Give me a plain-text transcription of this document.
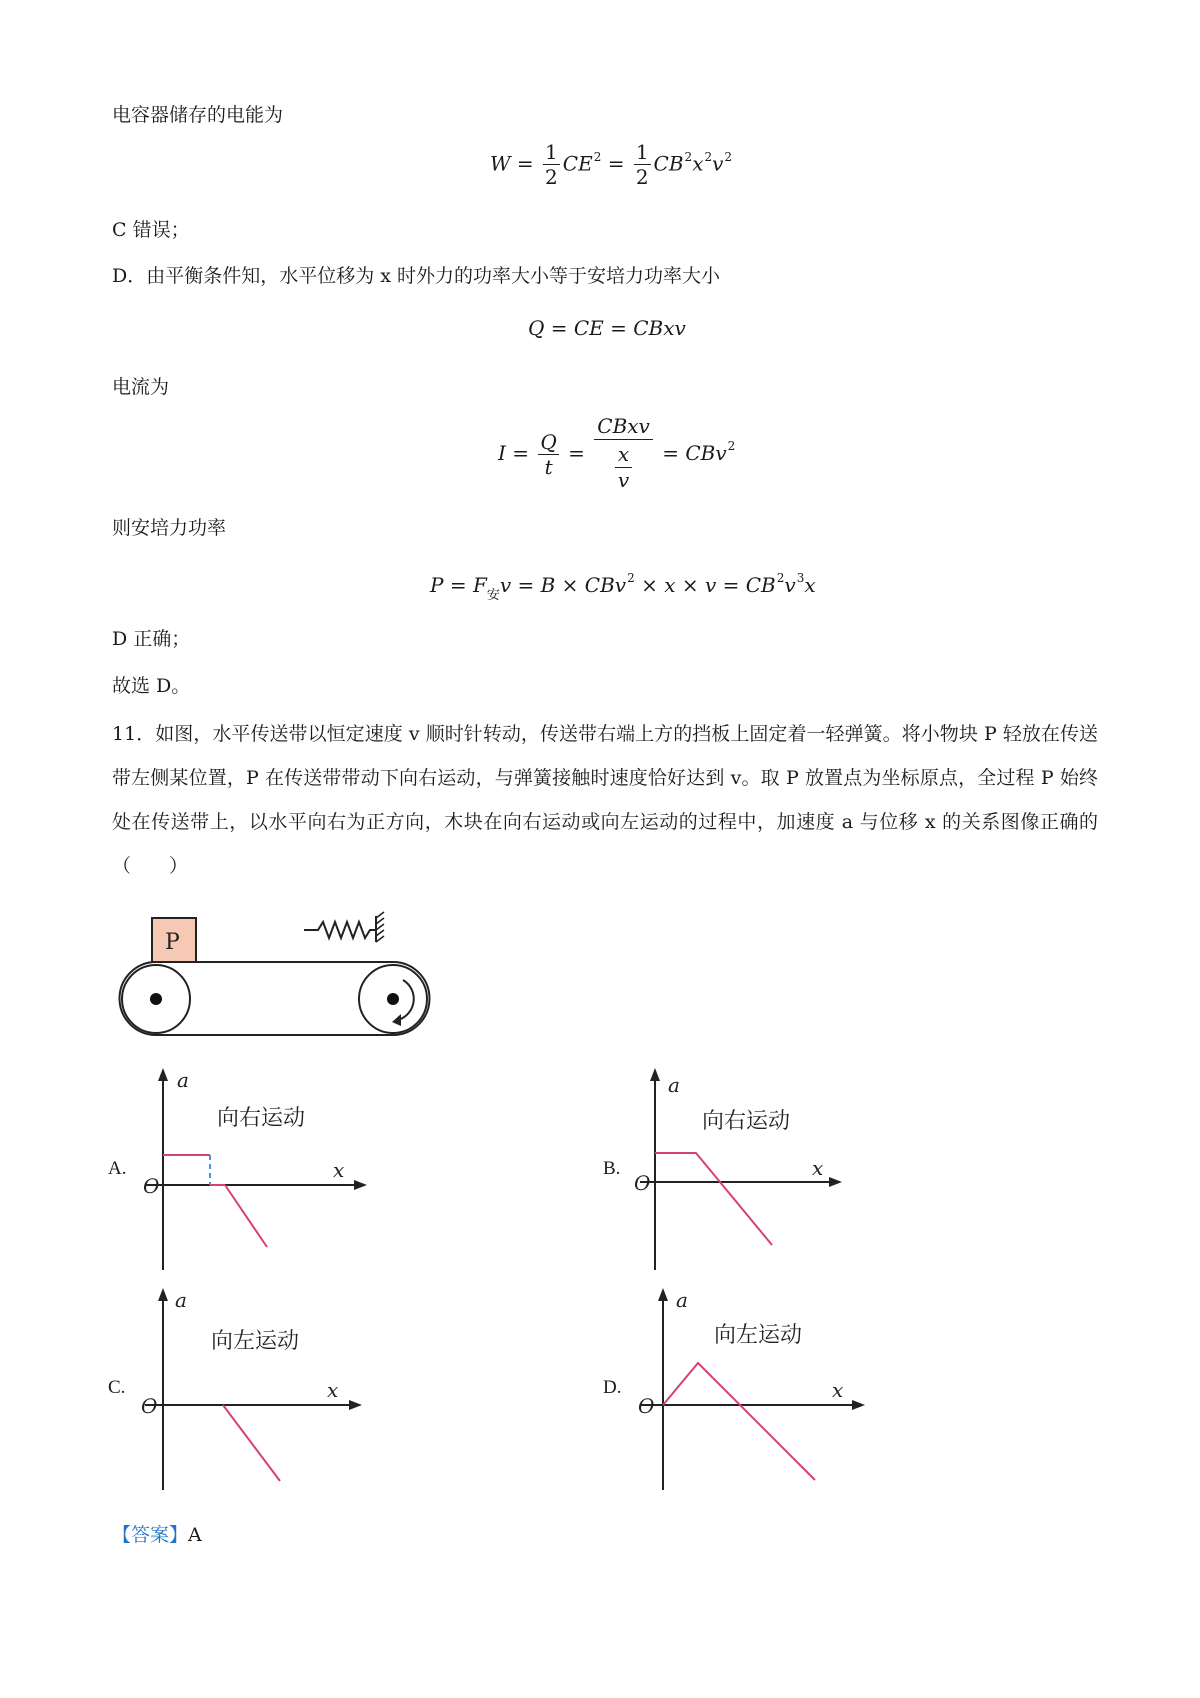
电容器储存的电能为
$W = \frac{1}{2} CE^2 = \frac{1}{2} CB^2x^2v^2$
C 错误；
D．由平衡条件知，水平位移为 x 时外力的功率大小等于安培力功率大小
Q = CE = CBxv
电流为
$I = \frac{Q}{t} = \frac{\text{CBxv}}{\frac{x}{v}} = CBv^2$
则安培力功率
$P = F_安v = B \times CBv^2 \times x \times v = CB^2v^3x$
D 正确；
故选 D。
11．如图，水平传送带以恒定速度 v 顺时针转动，传送带右端上方的挡板上固定着一轻弹簧。将小物块 P 轻放在传送带左侧某位置，P 在传送带带动下向右运动，与弹簧接触时速度恰好达到 v。取 P 放置点为坐标原点，全过程 P 始终处在传送带上，以水平向右为正方向，木块在向右运动或向左运动的过程中，加速度 a 与位移 x 的关系图像正确的（　　）
P
A.
a
x
O
向右运动
B.
a
x
O
向右运动
C.
a
x
O
向左运动
D.
a
x
O
向左运动
【答案】A
